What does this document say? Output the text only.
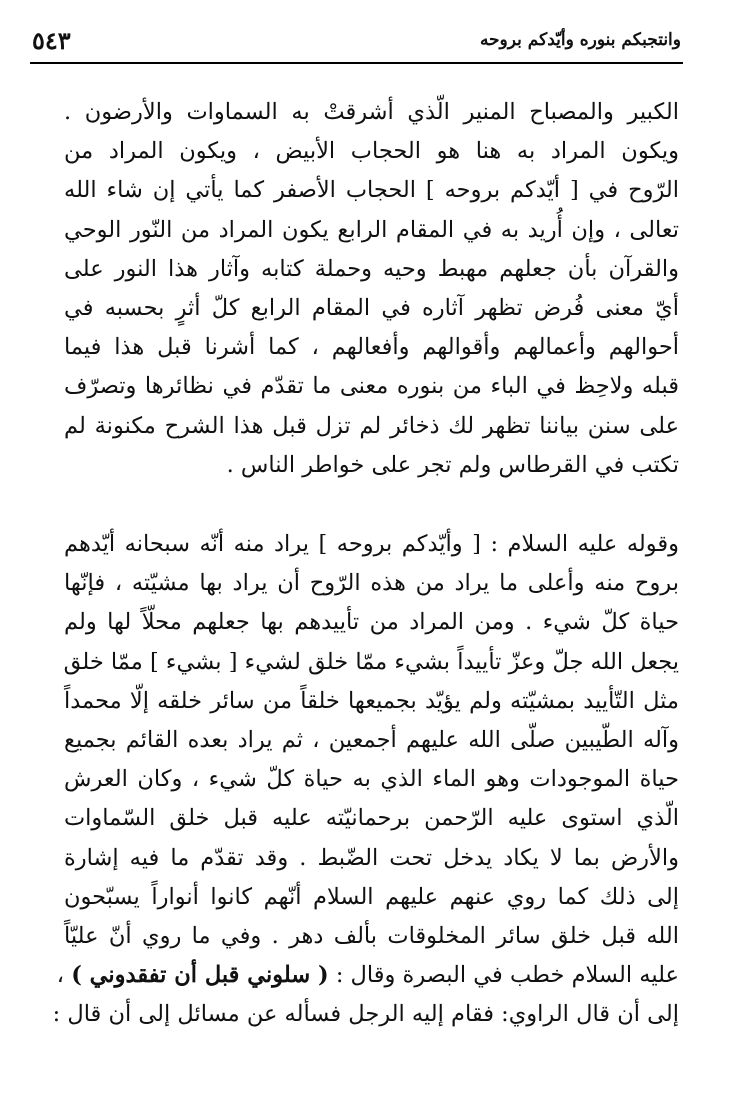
٥٤٣	وانتجبكم بنوره وأيّدكم بروحه
الكبير والمصباح المنير الّذي أشرقتْ به السماوات والأرضون .
ويكون المراد به هنا هو الحجاب الأبيض ، ويكون المراد من
الرّوح في [ أيّدكم بروحه ] الحجاب الأصفر كما يأتي إن شاء الله
تعالى ، وإن أُريد به في المقام الرابع يكون المراد من النّور الوحي
والقرآن بأن جعلهم مهبط وحيه وحملة كتابه وآثار هذا النور على
أيّ معنى فُرض تظهر آثاره في المقام الرابع كلّ أثرٍ بحسبه في
أحوالهم وأعمالهم وأقوالهم وأفعالهم ، كما أشرنا قبل هذا فيما
قبله ولاحِظ في الباء من بنوره معنى ما تقدّم في نظائرها وتصرّف
على سنن بياننا تظهر لك ذخائر لم تزل قبل هذا الشرح مكنونة لم
تكتب في القرطاس ولم تجر على خواطر الناس .
وقوله عليه السلام : [ وأيّدكم بروحه ] يراد منه أنّه سبحانه أيّدهم
بروح منه وأعلى ما يراد من هذه الرّوح أن يراد بها مشيّته ، فإنّها
حياة كلّ شيء . ومن المراد من تأييدهم بها جعلهم محلّاً لها ولم
يجعل الله جلّ وعزّ تأييداً بشيء ممّا خلق لشيء [ بشيء ] ممّا خلق
مثل التّأييد بمشيّته ولم يؤيّد بجميعها خلقاً من سائر خلقه إلّا محمداً
وآله الطّيبين صلّى الله عليهم أجمعين ، ثم يراد بعده القائم بجميع
حياة الموجودات وهو الماء الذي به حياة كلّ شيء ، وكان العرش
الّذي استوى عليه الرّحمن برحمانيّته عليه قبل خلق السّماوات
والأرض بما لا يكاد يدخل تحت الضّبط . وقد تقدّم ما فيه إشارة
إلى ذلك كما روي عنهم عليهم السلام أنّهم كانوا أنواراً يسبّحون
الله قبل خلق سائر المخلوقات بألف دهر . وفي ما روي أنّ عليّاً
عليه السلام خطب في البصرة وقال : ( سلوني قبل أن تفقدوني ) ،
إلى أن قال الراوي: فقام إليه الرجل فسأله عن مسائل إلى أن قال :
